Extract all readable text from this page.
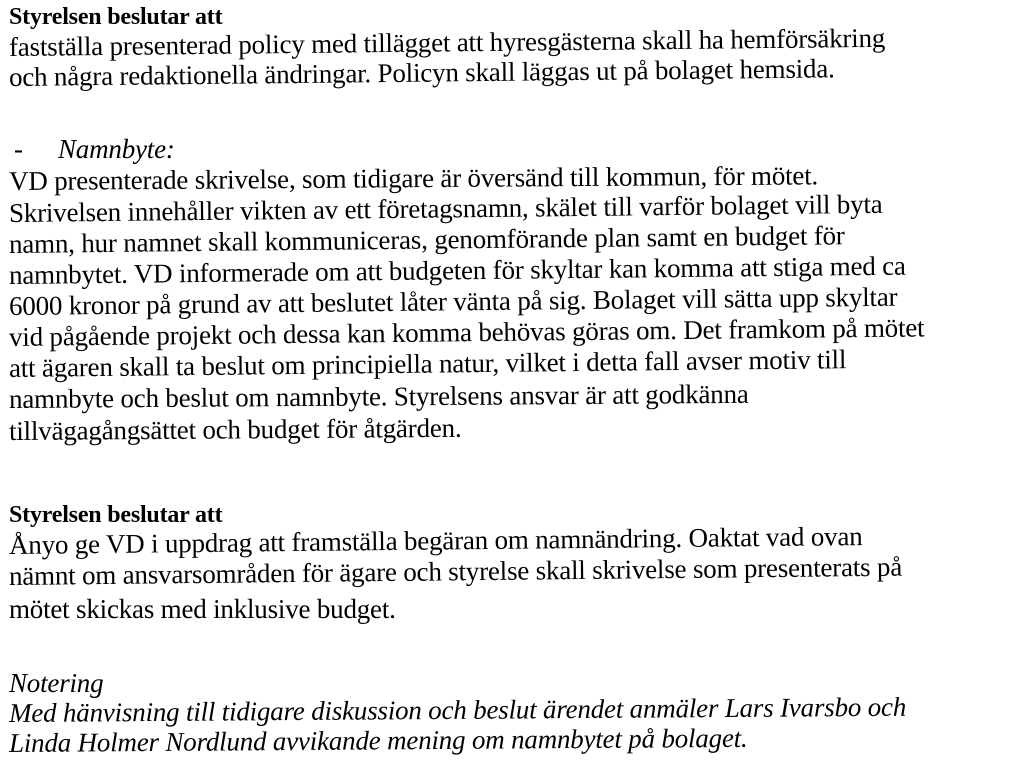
Styrelsen beslutar att
fastställa presenterad policy med tillägget att hyresgästerna skall ha hemförsäkring
och några redaktionella ändringar. Policyn skall läggas ut på bolaget hemsida.
- Namnbyte:
VD presenterade skrivelse, som tidigare är översänd till kommun, för mötet.
Skrivelsen innehåller vikten av ett företagsnamn, skälet till varför bolaget vill byta
namn, hur namnet skall kommuniceras, genomförande plan samt en budget för
namnbytet. VD informerade om att budgeten för skyltar kan komma att stiga med ca
6000 kronor på grund av att beslutet låter vänta på sig. Bolaget vill sätta upp skyltar
vid pågående projekt och dessa kan komma behövas göras om. Det framkom på mötet
att ägaren skall ta beslut om principiella natur, vilket i detta fall avser motiv till
namnbyte och beslut om namnbyte. Styrelsens ansvar är att godkänna
tillvägagångsättet och budget för åtgärden.
Styrelsen beslutar att
Ånyo ge VD i uppdrag att framställa begäran om namnändring. Oaktat vad ovan
nämnt om ansvarsområden för ägare och styrelse skall skrivelse som presenterats på
mötet skickas med inklusive budget.
Notering
Med hänvisning till tidigare diskussion och beslut ärendet anmäler Lars Ivarsbo och
Linda Holmer Nordlund avvikande mening om namnbytet på bolaget.
